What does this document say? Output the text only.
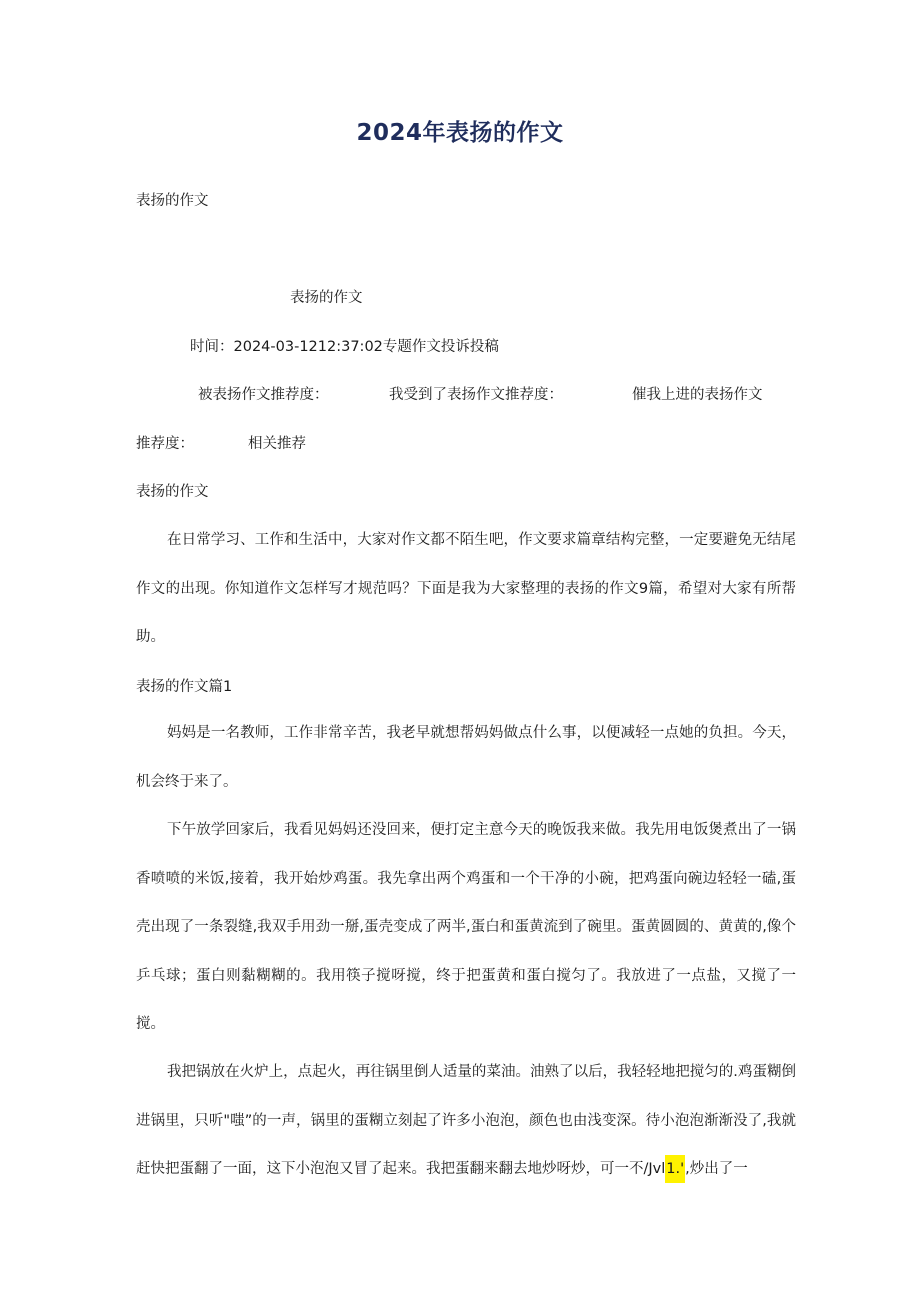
2024年表扬的作文
表扬的作文
表扬的作文
时间：2024-03-1212:37:02专题作文投诉投稿
被表扬作文推荐度：	我受到了表扬作文推荐度：	催我上进的表扬作文
推荐度：	相关推荐
表扬的作文
在日常学习、工作和生活中，大家对作文都不陌生吧，作文要求篇章结构完整，一定要避免无结尾作文的出现。你知道作文怎样写才规范吗？下面是我为大家整理的表扬的作文9篇，希望对大家有所帮助。
表扬的作文篇1
妈妈是一名教师，工作非常辛苦，我老早就想帮妈妈做点什么事，以便减轻一点她的负担。今天，机会终于来了。
下午放学回家后，我看见妈妈还没回来，便打定主意今天的晚饭我来做。我先用电饭煲煮出了一锅香喷喷的米饭,接着，我开始炒鸡蛋。我先拿出两个鸡蛋和一个干净的小碗，把鸡蛋向碗边轻轻一磕,蛋壳出现了一条裂缝,我双手用劲一掰,蛋壳变成了两半,蛋白和蛋黄流到了碗里。蛋黄圆圆的、黄黄的,像个乒乓球；蛋白则黏糊糊的。我用筷子搅呀搅，终于把蛋黄和蛋白搅匀了。我放进了一点盐，又搅了一搅。
我把锅放在火炉上，点起火，再往锅里倒人适量的菜油。油熟了以后，我轻轻地把搅匀的.鸡蛋糊倒进锅里，只听"嗤”的一声，锅里的蛋糊立刻起了许多小泡泡，颜色也由浅变深。待小泡泡渐渐没了,我就赶快把蛋翻了一面，这下小泡泡又冒了起来。我把蛋翻来翻去地炒呀炒，可一不/Jvl1.',炒出了一
